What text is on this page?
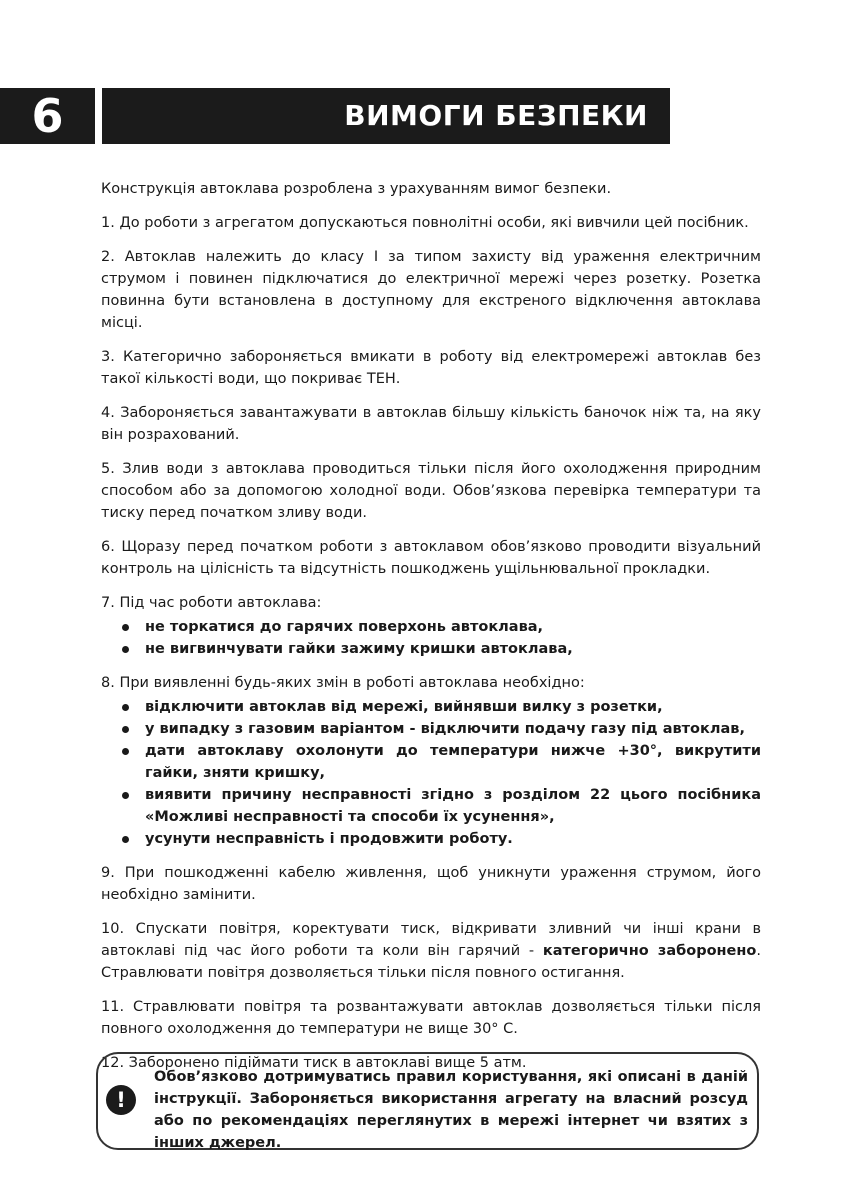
6	ВИМОГИ БЕЗПЕКИ

Конструкція автоклава розроблена з урахуванням вимог безпеки.

1. До роботи з агрегатом допускаються повнолітні особи, які вивчили цей посібник.

2. Автоклав належить до класу I за типом захисту від ураження електричним струмом і повинен підключатися до електричної мережі через розетку. Розетка повинна бути встановлена в доступному для екстреного відключення автоклава місці.

3. Категорично забороняється вмикати в роботу від електромережі автоклав без такої кількості води, що покриває ТЕН.

4. Забороняється завантажувати в автоклав більшу кількість баночок ніж та, на яку він розрахований.

5. Злив води з автоклава проводиться тільки після його охолодження природним способом або за допомогою холодної води. Обов’язкова перевірка температури та тиску перед початком зливу води.

6. Щоразу перед початком роботи з автоклавом обов’язково проводити візуальний контроль на цілісність та відсутність пошкоджень ущільнювальної прокладки.

7. Під час роботи автоклава:

не торкатися до гарячих поверхонь автоклава,
не вигвинчувати гайки зажиму кришки автоклава,

8. При виявленні будь-яких змін в роботі автоклава необхідно:

відключити автоклав від мережі, вийнявши вилку з розетки,
у випадку з газовим варіантом - відключити подачу газу під автоклав,
дати автоклаву охолонути до температури нижче +30°, викрутити гайки, зняти кришку,
виявити причину несправності згідно з розділом 22 цього посібника «Можливі несправності та способи їх усунення»,
усунути несправність і продовжити роботу.

9. При пошкодженні кабелю живлення, щоб уникнути ураження струмом, його необхідно замінити.

10. Спускати повітря, коректувати тиск, відкривати зливний чи інші крани в автоклаві під час його роботи та коли він гарячий - категорично заборонено. Стравлювати повітря дозволяється тільки після повного остигання.

11. Стравлювати повітря та розвантажувати автоклав дозволяється тільки після повного охолодження до температури не вище 30° С.

12. Заборонено підіймати тиск в автоклаві вище 5 атм.

!
Обов’язково дотримуватись правил користування, які описані в даній інструкції. Забороняється використання агрегату на власний розсуд або по рекомендаціях переглянутих в мережі інтернет чи взятих з інших джерел.
